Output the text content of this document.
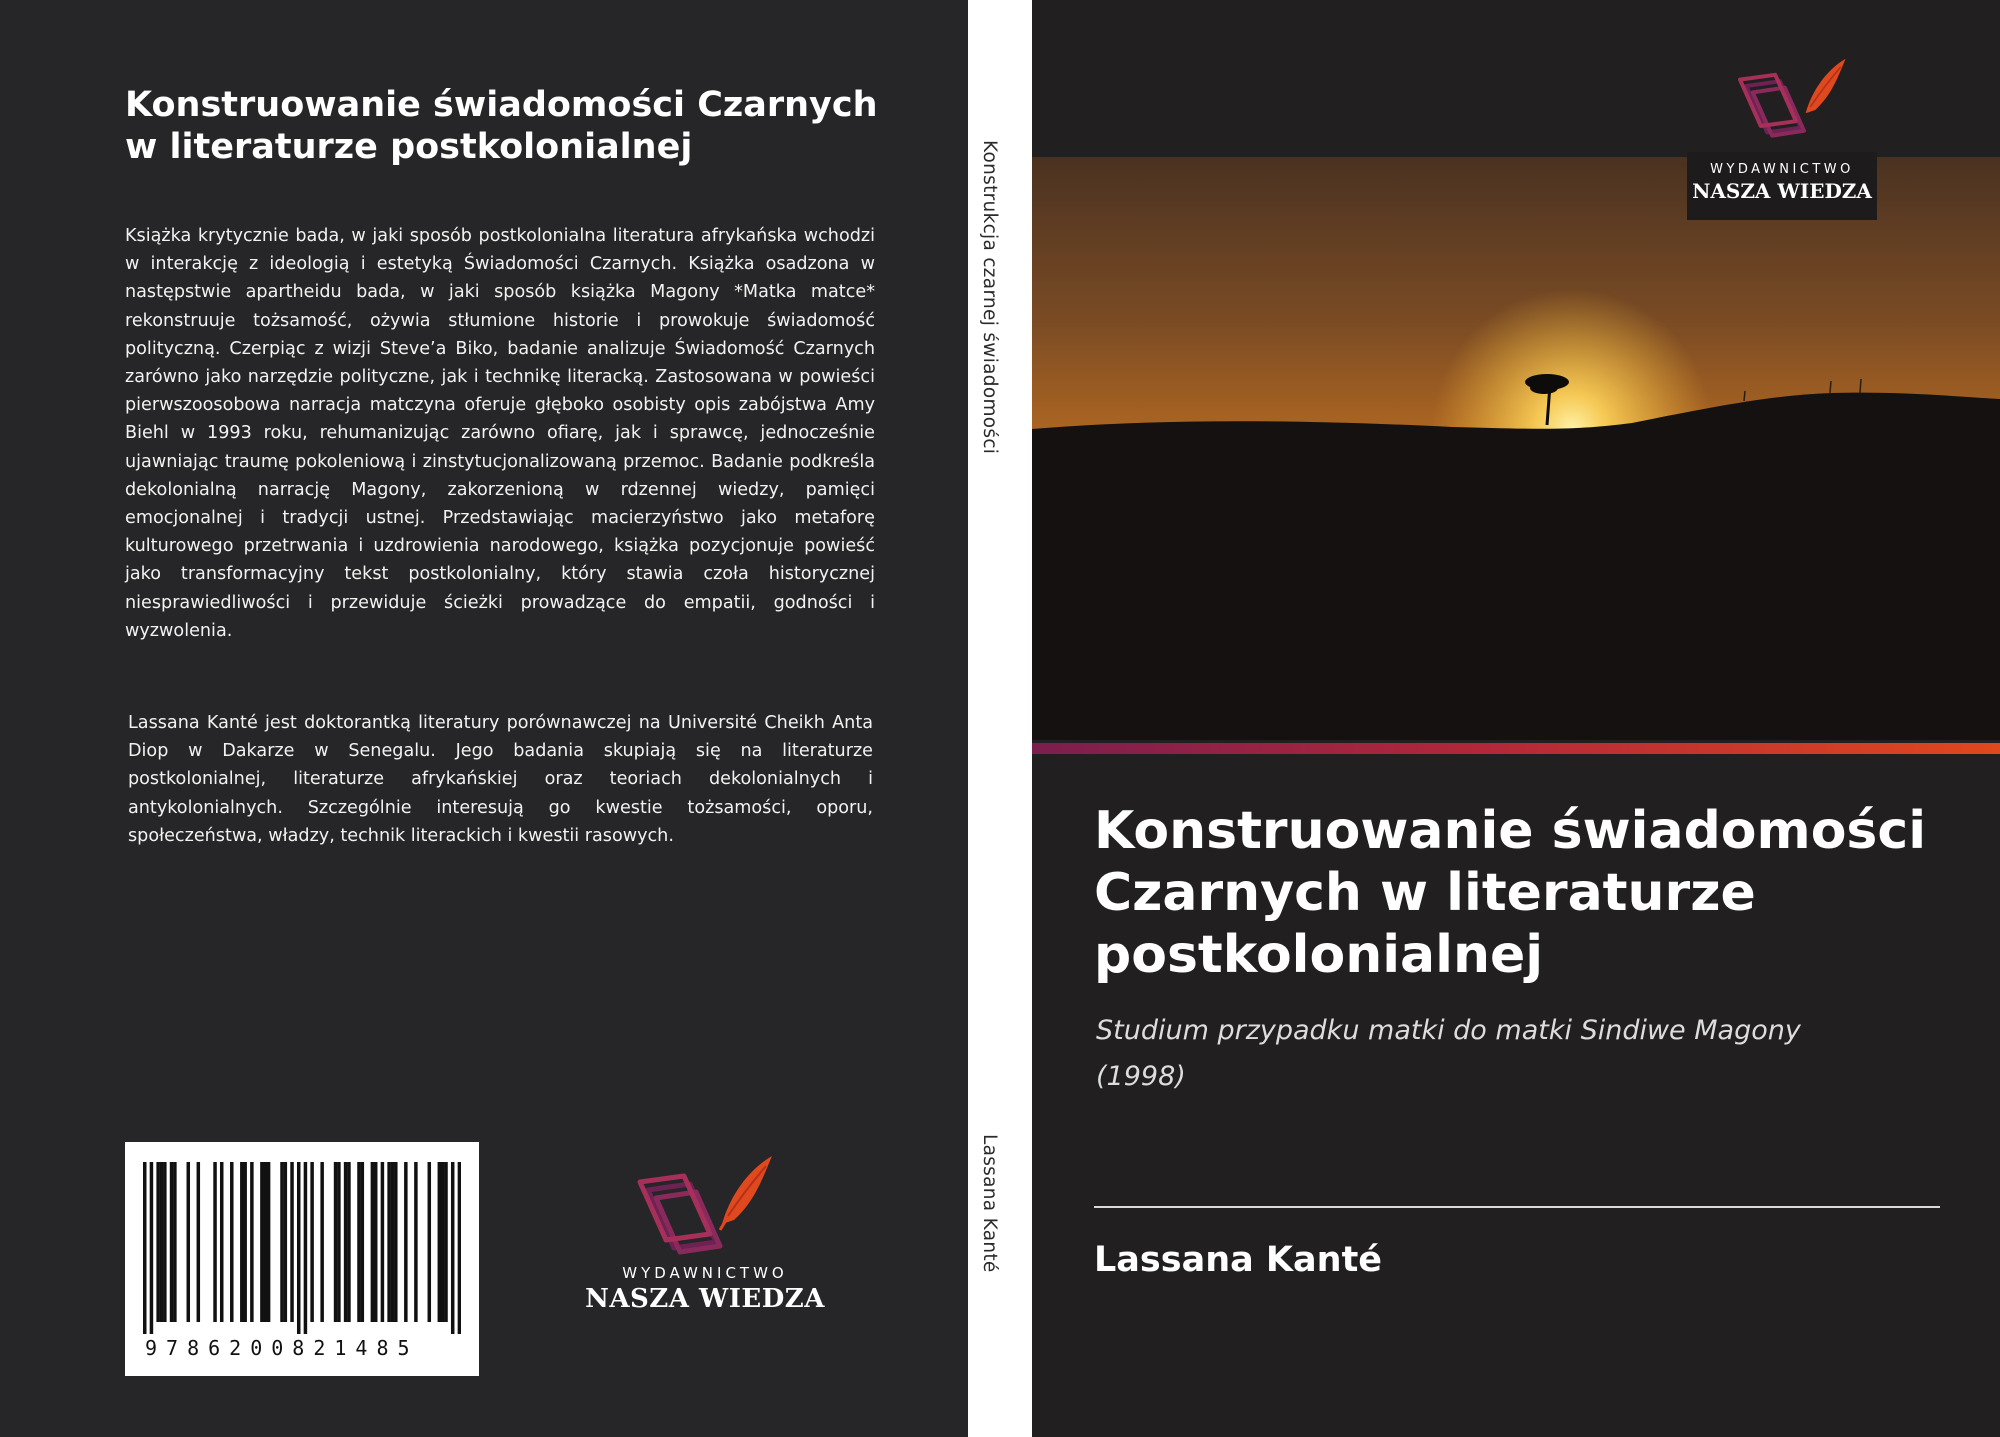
Konstruowanie świadomości Czarnych w literaturze postkolonialnej

Książka krytycznie bada, w jaki sposób postkolonialna literatura afrykańska wchodzi w interakcję z ideologią i estetyką Świadomości Czarnych. Książka osadzona w następstwie apartheidu bada, w jaki sposób książka Magony *Matka matce* rekonstruuje tożsamość, ożywia stłumione historie i prowokuje świadomość polityczną. Czerpiąc z wizji Steve’a Biko, badanie analizuje Świadomość Czarnych zarówno jako narzędzie polityczne, jak i technikę literacką. Zastosowana w powieści pierwszoosobowa narracja matczyna oferuje głęboko osobisty opis zabójstwa Amy Biehl w 1993 roku, rehumanizując zarówno ofiarę, jak i sprawcę, jednocześnie ujawniając traumę pokoleniową i zinstytucjonalizowaną przemoc. Badanie podkreśla dekolonialną narrację Magony, zakorzenioną w rdzennej wiedzy, pamięci emocjonalnej i tradycji ustnej. Przedstawiając macierzyństwo jako metaforę kulturowego przetrwania i uzdrowienia narodowego, książka pozycjonuje powieść jako transformacyjny tekst postkolonialny, który stawia czoła historycznej niesprawiedliwości i przewiduje ścieżki prowadzące do empatii, godności i wyzwolenia.

Lassana Kanté jest doktorantką literatury porównawczej na Université Cheikh Anta Diop w Dakarze w Senegalu. Jego badania skupiają się na literaturze postkolonialnej, literaturze afrykańskiej oraz teoriach dekolonialnych i antykolonialnych. Szczególnie interesują go kwestie tożsamości, oporu, społeczeństwa, władzy, technik literackich i kwestii rasowych.

9786200821485
WYDAWNICTWO
NASZA WIEDZA
Konstrukcja czarnej świadomości
Lassana Kanté
WYDAWNICTWO
NASZA WIEDZA
Konstruowanie świadomości Czarnych w literaturze postkolonialnej
Studium przypadku matki do matki Sindiwe Magony (1998)
Lassana Kanté
